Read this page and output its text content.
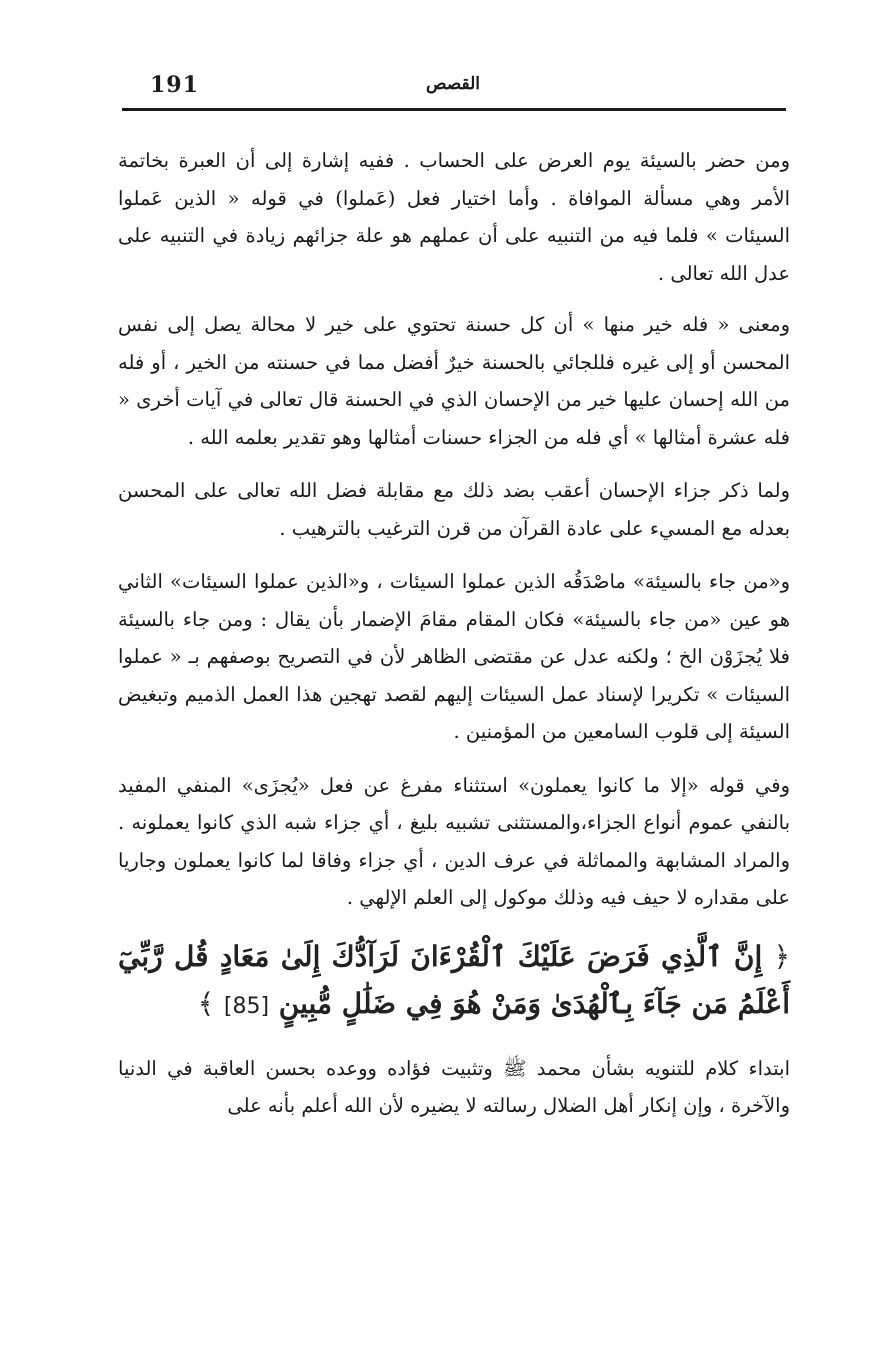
191	القصص

ومن حضر بالسيئة يوم العرض على الحساب . ففيه إشارة إلى أن العبرة بخاتمة الأمر وهي مسألة الموافاة . وأما اختيار فعل (عَملوا) في قوله « الذين عَملوا السيئات » فلما فيه من التنبيه على أن عملهم هو علة جزائهم زيادة في التنبيه على عدل الله تعالى .

ومعنى « فله خير منها » أن كل حسنة تحتوي على خير لا محالة يصل إلى نفس المحسن أو إلى غيره فللجائي بالحسنة خيرٌ أفضل مما في حسنته من الخير ، أو فله من الله إحسان عليها خير من الإحسان الذي في الحسنة قال تعالى في آيات أخرى « فله عشرة أمثالها » أي فله من الجزاء حسنات أمثالها وهو تقدير بعلمه الله .

ولما ذكر جزاء الإحسان أعقب بضد ذلك مع مقابلة فضل الله تعالى على المحسن بعدله مع المسيء على عادة القرآن من قرن الترغيب بالترهيب .

و«من جاء بالسيئة» ماصْدَقُه الذين عملوا السيئات ، و«الذين عملوا السيئات» الثاني هو عين «من جاء بالسيئة» فكان المقام مقامَ الإضمار بأن يقال : ومن جاء بالسيئة فلا يُجزَوْن الخ ؛ ولكنه عدل عن مقتضى الظاهر لأن في التصريح بوصفهم بـ « عملوا السيئات » تكريرا لإسناد عمل السيئات إليهم لقصد تهجين هذا العمل الذميم وتبغيض السيئة إلى قلوب السامعين من المؤمنين .

وفي قوله «إلا ما كانوا يعملون» استثناء مفرغ عن فعل «يُجزَى» المنفي المفيد بالنفي عموم أنواع الجزاء،والمستثنى تشبيه بليغ ، أي جزاء شبه الذي كانوا يعملونه . والمراد المشابهة والمماثلة في عرف الدين ، أي جزاء وفاقا لما كانوا يعملون وجاريا على مقداره لا حيف فيه وذلك موكول إلى العلم الإلهي .

﴿ إِنَّ ٱلَّذِي فَرَضَ عَلَيْكَ ٱلْقُرْءَانَ لَرَآدُّكَ إِلَىٰ مَعَادٍ قُل رَّبِّيٓ أَعْلَمُ مَن جَآءَ بِٱلْهُدَىٰ وَمَنْ هُوَ فِي ضَلَٰلٍ مُّبِينٍ [85] ﴾

ابتداء كلام للتنويه بشأن محمد ﷺ وتثبيت فؤاده ووعده بحسن العاقبة في الدنيا والآخرة ، وإن إنكار أهل الضلال رسالته لا يضيره لأن الله أعلم بأنه على
